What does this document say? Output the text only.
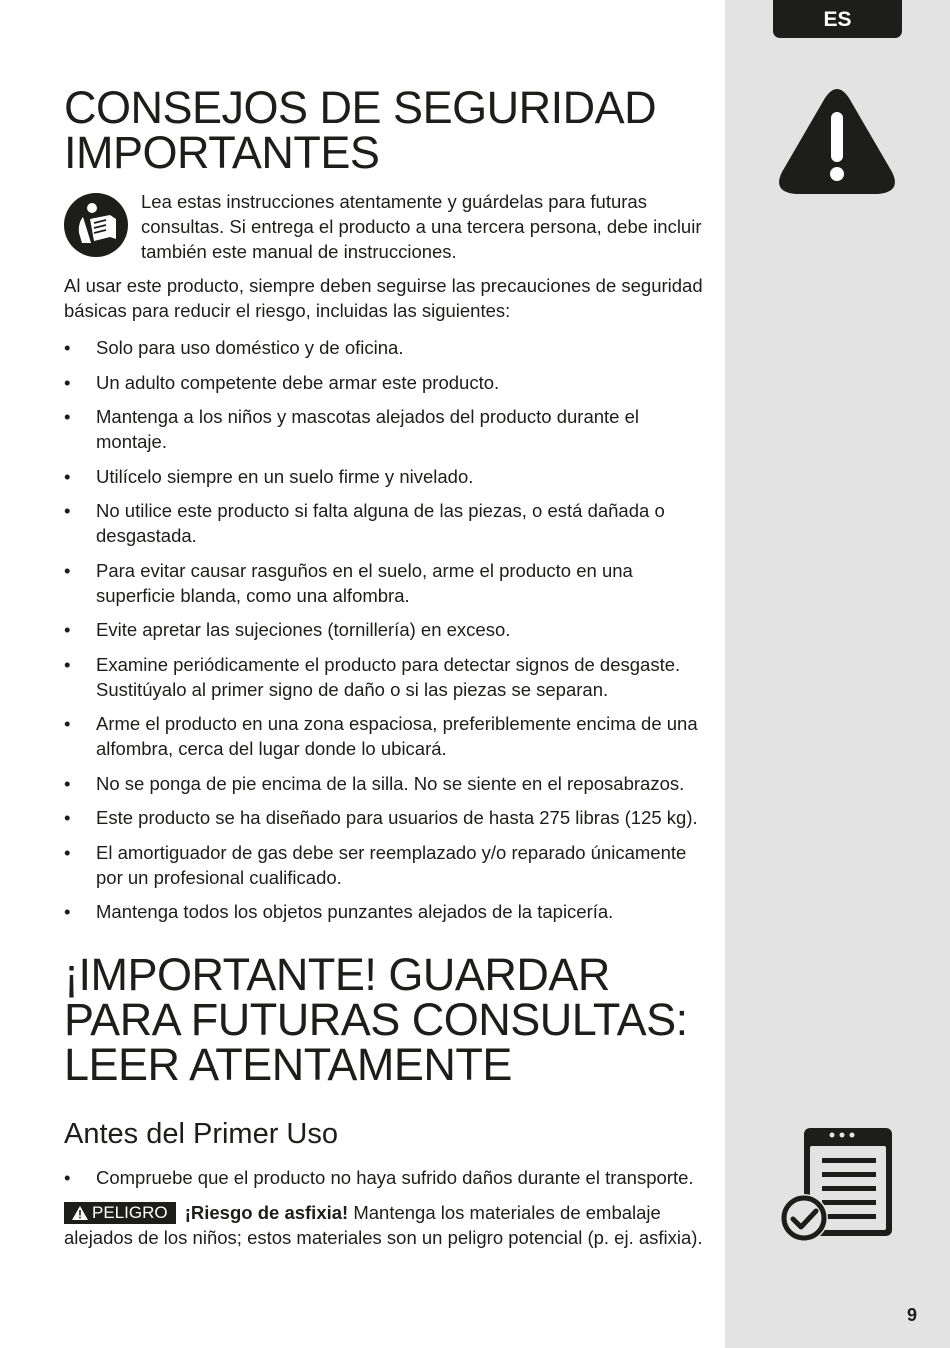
ES
9
CONSEJOS DE SEGURIDAD IMPORTANTES
Lea estas instrucciones atentamente y guárdelas para futuras consultas. Si entrega el producto a una tercera persona, debe incluir también este manual de instrucciones.

Al usar este producto, siempre deben seguirse las precauciones de seguridad básicas para reducir el riesgo, incluidas las siguientes:

• Solo para uso doméstico y de oficina.
• Un adulto competente debe armar este producto.
• Mantenga a los niños y mascotas alejados del producto durante el montaje.
• Utilícelo siempre en un suelo firme y nivelado.
• No utilice este producto si falta alguna de las piezas, o está dañada o desgastada.
• Para evitar causar rasguños en el suelo, arme el producto en una superficie blanda, como una alfombra.
• Evite apretar las sujeciones (tornillería) en exceso.
• Examine periódicamente el producto para detectar signos de desgaste. Sustitúyalo al primer signo de daño o si las piezas se separan.
• Arme el producto en una zona espaciosa, preferiblemente encima de una alfombra, cerca del lugar donde lo ubicará.
• No se ponga de pie encima de la silla. No se siente en el reposabrazos.
• Este producto se ha diseñado para usuarios de hasta 275 libras (125 kg).
• El amortiguador de gas debe ser reemplazado y/o reparado únicamente por un profesional cualificado.
• Mantenga todos los objetos punzantes alejados de la tapicería.
¡IMPORTANTE! GUARDAR PARA FUTURAS CONSULTAS: LEER ATENTAMENTE
Antes del Primer Uso
• Compruebe que el producto no haya sufrido daños durante el transporte.
PELIGRO ¡Riesgo de asfixia! Mantenga los materiales de embalaje alejados de los niños; estos materiales son un peligro potencial (p. ej. asfixia).
